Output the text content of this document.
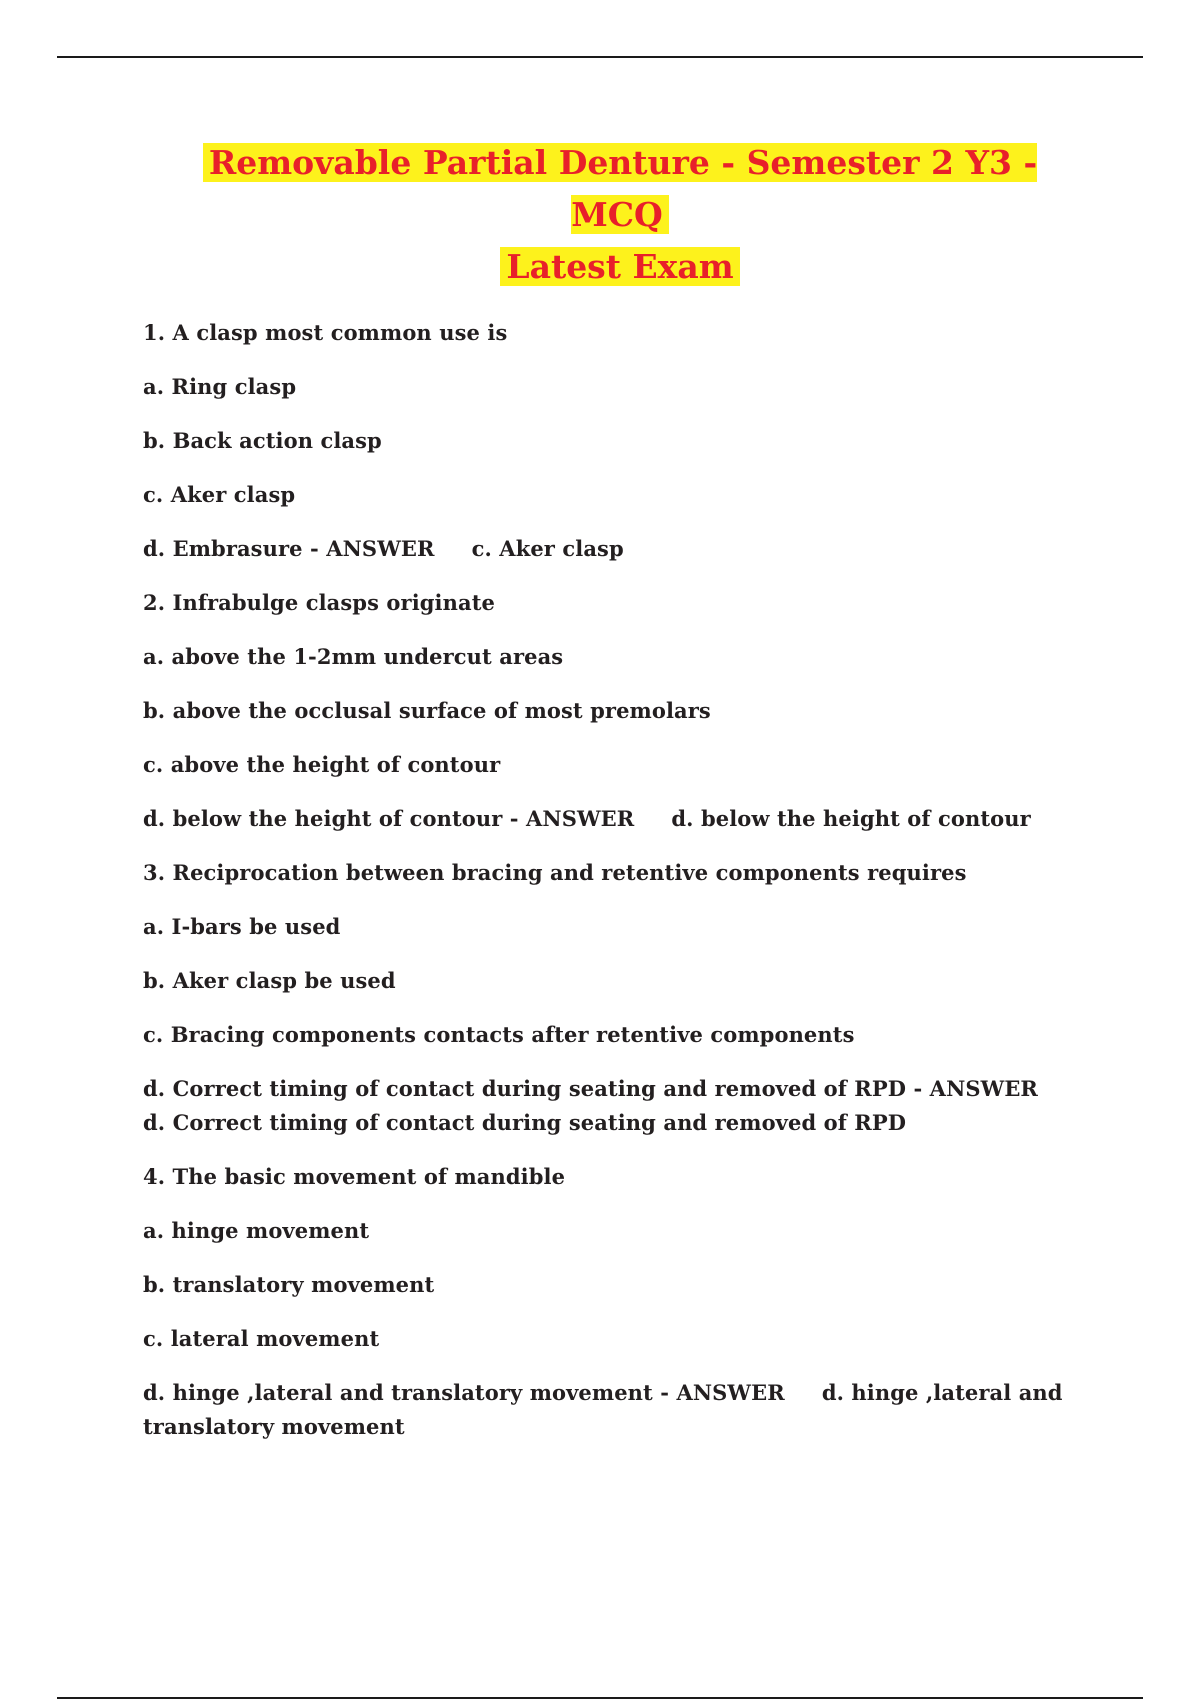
Removable Partial Denture - Semester 2 Y3 - MCQ
Latest Exam
1. A clasp most common use is
a. Ring clasp
b. Back action clasp
c. Aker clasp
d. Embrasure - ANSWER     c. Aker clasp
2. Infrabulge clasps originate
a. above the 1-2mm undercut areas
b. above the occlusal surface of most premolars
c. above the height of contour
d. below the height of contour - ANSWER     d. below the height of contour
3. Reciprocation between bracing and retentive components requires
a. I-bars be used
b. Aker clasp be used
c. Bracing components contacts after retentive components
d. Correct timing of contact during seating and removed of RPD - ANSWER     d. Correct timing of contact during seating and removed of RPD
4. The basic movement of mandible
a. hinge movement
b. translatory movement
c. lateral movement
d. hinge ,lateral and translatory movement - ANSWER     d. hinge ,lateral and translatory movement
